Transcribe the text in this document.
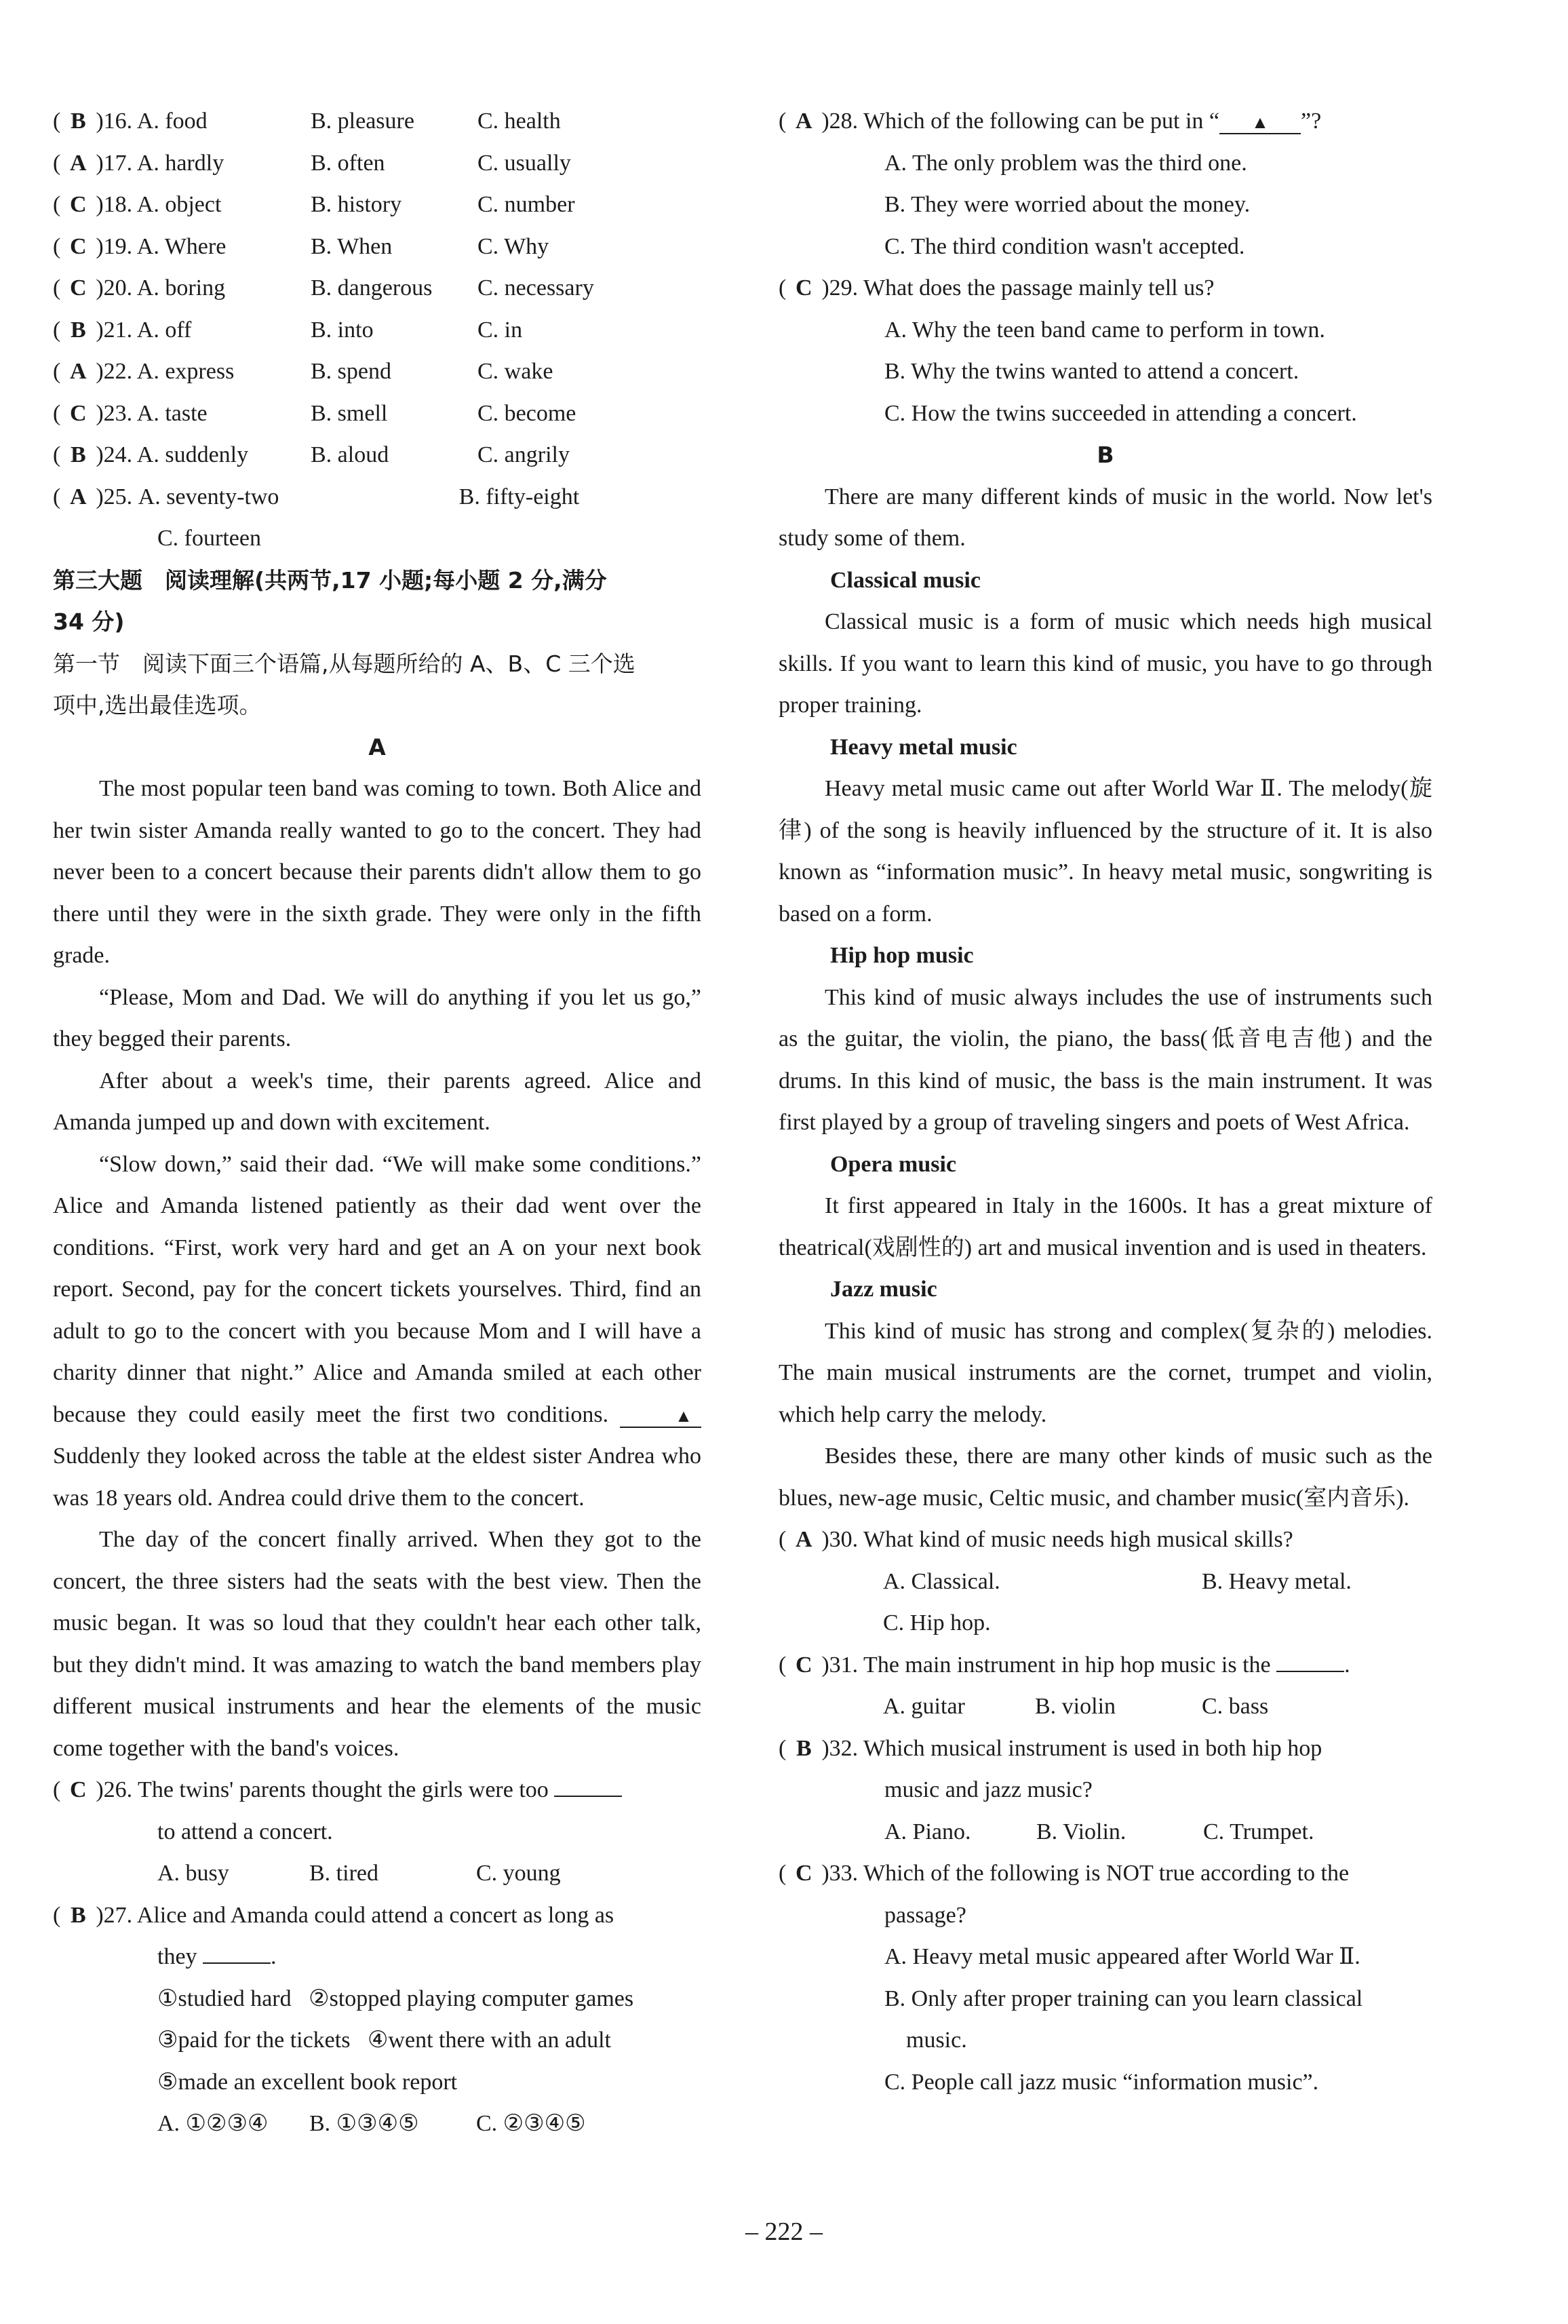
( B )16. A. food	B. pleasure	C. health
( A )17. A. hardly	B. often	C. usually
( C )18. A. object	B. history	C. number
( C )19. A. Where	B. When	C. Why
( C )20. A. boring	B. dangerous	C. necessary
( B )21. A. off	B. into	C. in
( A )22. A. express	B. spend	C. wake
( C )23. A. taste	B. smell	C. become
( B )24. A. suddenly	B. aloud	C. angrily
( A )25. A. seventy-two	B. fifty-eight
C. fourteen
第三大题　阅读理解(共两节,17 小题;每小题 2 分,满分
34 分)
第一节　阅读下面三个语篇,从每题所给的 A、B、C 三个选
项中,选出最佳选项。
A

The most popular teen band was coming to town. Both Alice and her twin sister Amanda really wanted to go to the concert. They had never been to a concert because their parents didn't allow them to go there until they were in the sixth grade. They were only in the fifth grade.

“Please, Mom and Dad. We will do anything if you let us go,” they begged their parents.

After about a week's time, their parents agreed. Alice and Amanda jumped up and down with excitement.

“Slow down,” said their dad. “We will make some conditions.” Alice and Amanda listened patiently as their dad went over the conditions. “First, work very hard and get an A on your next book report. Second, pay for the concert tickets yourselves. Third, find an adult to go to the concert with you because Mom and I will have a charity dinner that night.” Alice and Amanda smiled at each other because they could easily meet the first two conditions.	▲ Suddenly they looked across the table at the eldest sister Andrea who was 18 years old. Andrea could drive them to the concert.

The day of the concert finally arrived. When they got to the concert, the three sisters had the seats with the best view. Then the music began. It was so loud that they couldn't hear each other talk, but they didn't mind. It was amazing to watch the band members play different musical instruments and hear the elements of the music come together with the band's voices.

( C )26. The twins' parents thought the girls were too
to attend a concert.
A. busy	B. tired	C. young
( B )27. Alice and Amanda could attend a concert as long as
they	.
①studied hard ②stopped playing computer games
③paid for the tickets ④went there with an adult
⑤made an excellent book report
A. ①②③④	B. ①③④⑤	C. ②③④⑤
( A )28. Which of the following can be put in “ ▲ ”?
A. The only problem was the third one.
B. They were worried about the money.
C. The third condition wasn't accepted.
( C )29. What does the passage mainly tell us?
A. Why the teen band came to perform in town.
B. Why the twins wanted to attend a concert.
C. How the twins succeeded in attending a concert.
B

There are many different kinds of music in the world. Now let's study some of them.

Classical music

Classical music is a form of music which needs high musical skills. If you want to learn this kind of music, you have to go through proper training.

Heavy metal music

Heavy metal music came out after World War Ⅱ. The melody(旋律) of the song is heavily influenced by the structure of it. It is also known as “information music”. In heavy metal music, songwriting is based on a form.

Hip hop music

This kind of music always includes the use of instruments such as the guitar, the violin, the piano, the bass(低音电吉他) and the drums. In this kind of music, the bass is the main instrument. It was first played by a group of traveling singers and poets of West Africa.

Opera music

It first appeared in Italy in the 1600s. It has a great mixture of theatrical(戏剧性的) art and musical invention and is used in theaters.

Jazz music

This kind of music has strong and complex(复杂的) melodies. The main musical instruments are the cornet, trumpet and violin, which help carry the melody.

Besides these, there are many other kinds of music such as the blues, new-age music, Celtic music, and chamber music(室内音乐).

( A )30. What kind of music needs high musical skills?
A. Classical.	B. Heavy metal.
C. Hip hop.
( C )31. The main instrument in hip hop music is the	.
A. guitar	B. violin	C. bass
( B )32. Which musical instrument is used in both hip hop
music and jazz music?
A. Piano.	B. Violin.	C. Trumpet.
( C )33. Which of the following is NOT true according to the
passage?
A. Heavy metal music appeared after World War Ⅱ.
B. Only after proper training can you learn classical
music.
C. People call jazz music “information music”.
– 222 –
